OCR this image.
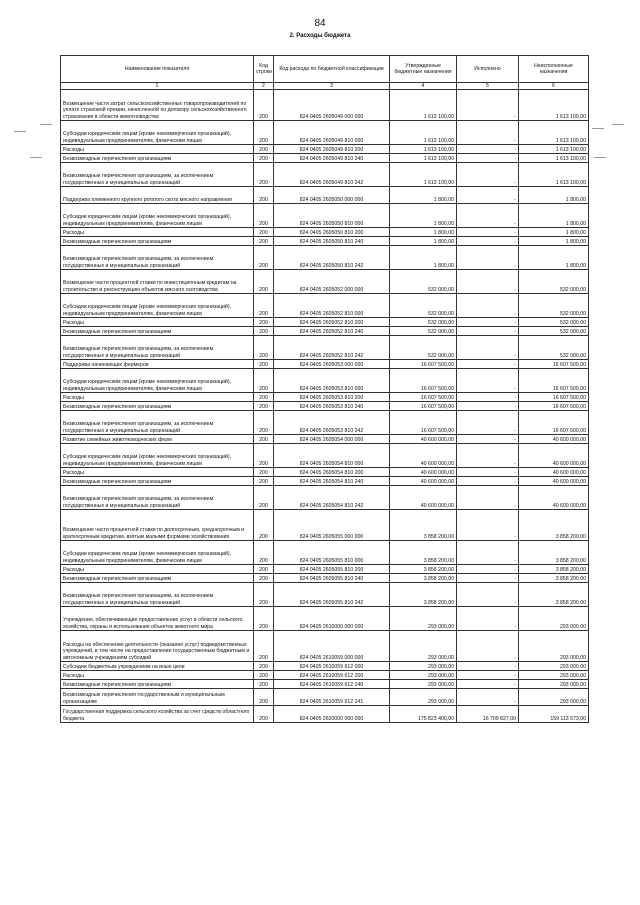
84
2. Расходы бюджета
Наименование показателя	Код строки	Код расхода по бюджетной классификации	Утвержденные бюджетные назначения	Исполнено	Неисполненные назначения
1	2	3	4	5	6
Возмещение части затрат сельскохозяйственных товаропроизводителей по уплате страховой премии, начисленной по договору сельскохозяйственного страхования в области животноводства	200	824 0405 2605049 000 000	1 613 100,00	-	1 613 100,00
Субсидии юридическим лицам (кроме некоммерческих организаций), индивидуальным предпринимателям, физическим лицам	200	824 0405 2605049 810 000	1 613 100,00	-	1 613 100,00
Расходы	200	824 0405 2605049 810 200	1 613 100,00	-	1 613 100,00
Безвозмездные перечисления организациям	200	824 0405 2605049 810 240	1 613 100,00	-	1 613 100,00
Безвозмездные перечисления организациям, за исключением государственных и муниципальных организаций	200	824 0405 2605049 810 242	1 613 100,00	-	1 613 100,00
Поддержка племенного крупного рогатого скота мясного направления	200	824 0405 2605050 000 000	1 800,00	-	1 800,00
Субсидии юридическим лицам (кроме некоммерческих организаций), индивидуальным предпринимателям, физическим лицам	200	824 0405 2605050 810 000	1 800,00	-	1 800,00
Расходы	200	824 0405 2605050 810 200	1 800,00	-	1 800,00
Безвозмездные перечисления организациям	200	824 0405 2605050 810 240	1 800,00	-	1 800,00
Безвозмездные перечисления организациям, за исключением государственных и муниципальных организаций	200	824 0405 2605050 810 242	1 800,00	-	1 800,00
Возмещение части процентной ставки по инвестиционным кредитам на строительство и реконструкцию объектов мясного скотоводства	200	824 0405 2605052 000 000	532 000,00	-	532 000,00
Субсидии юридическим лицам (кроме некоммерческих организаций), индивидуальным предпринимателям, физическим лицам	200	824 0405 2605052 810 000	532 000,00	-	532 000,00
Расходы	200	824 0405 2605052 810 200	532 000,00	-	532 000,00
Безвозмездные перечисления организациям	200	824 0405 2605052 810 240	532 000,00	-	532 000,00
Безвозмездные перечисления организациям, за исключением государственных и муниципальных организаций	200	824 0405 2605052 810 242	532 000,00	-	532 000,00
Поддержка начинающих фермеров	200	824 0405 2605053 000 000	16 607 500,00	-	16 607 500,00
Субсидии юридическим лицам (кроме некоммерческих организаций), индивидуальным предпринимателям, физическим лицам	200	824 0405 2605053 810 000	16 607 500,00	-	16 607 500,00
Расходы	200	824 0405 2605053 810 200	16 607 500,00	-	16 607 500,00
Безвозмездные перечисления организациям	200	824 0405 2605053 810 240	16 607 500,00	-	16 607 500,00
Безвозмездные перечисления организациям, за исключением государственных и муниципальных организаций	200	824 0405 2605053 810 242	16 607 500,00	-	16 607 500,00
Развитие семейных животноводческих ферм	200	824 0405 2605054 000 000	40 600 000,00	-	40 600 000,00
Субсидии юридическим лицам (кроме некоммерческих организаций), индивидуальным предпринимателям, физическим лицам	200	824 0405 2605054 810 000	40 600 000,00	-	40 600 000,00
Расходы	200	824 0405 2605054 810 200	40 600 000,00	-	40 600 000,00
Безвозмездные перечисления организациям	200	824 0405 2605054 810 240	40 600 000,00	-	40 600 000,00
Безвозмездные перечисления организациям, за исключением государственных и муниципальных организаций	200	824 0405 2605054 810 242	40 600 000,00	-	40 600 000,00
Возмещение части процентной ставки по долгосрочным, среднесрочным и краткосрочным кредитам, взятым малыми формами хозяйствования	200	824 0405 2605055 000 000	3 858 200,00	-	3 858 200,00
Субсидии юридическим лицам (кроме некоммерческих организаций), индивидуальным предпринимателям, физическим лицам	200	824 0405 2605055 810 000	3 858 200,00	-	3 858 200,00
Расходы	200	824 0405 2605055 810 200	3 858 200,00	-	3 858 200,00
Безвозмездные перечисления организациям	200	824 0405 2605055 810 240	3 858 200,00	-	3 858 200,00
Безвозмездные перечисления организациям, за исключением государственных и муниципальных организаций	200	824 0405 2605055 810 242	3 858 200,00	-	3 858 200,00
Учреждения, обеспечивающие предоставление услуг в области сельского хозяйства, охраны и использования объектов животного мира	200	824 0405 2610000 000 000	293 000,00	-	293 000,00
Расходы на обеспечение деятельности (оказание услуг) подведомственных учреждений, в том числе на предоставление государственным бюджетным и автономным учреждениям субсидий	200	824 0405 2610059 000 000	293 000,00	-	293 000,00
Субсидии бюджетным учреждениям на иные цели	200	824 0405 2610059 612 000	293 000,00	-	293 000,00
Расходы	200	824 0405 2610059 612 200	293 000,00	-	293 000,00
Безвозмездные перечисления организациям	200	824 0405 2610059 612 240	293 000,00	-	293 000,00
Безвозмездные перечисления государственным и муниципальным организациям	200	824 0405 2610059 612 241	293 000,00	-	293 000,00
Государственная поддержка сельского хозяйства за счет средств областного бюджета	200	824 0405 2620000 000 000	175 823 400,00	16 709 827,00	159 113 573,00
